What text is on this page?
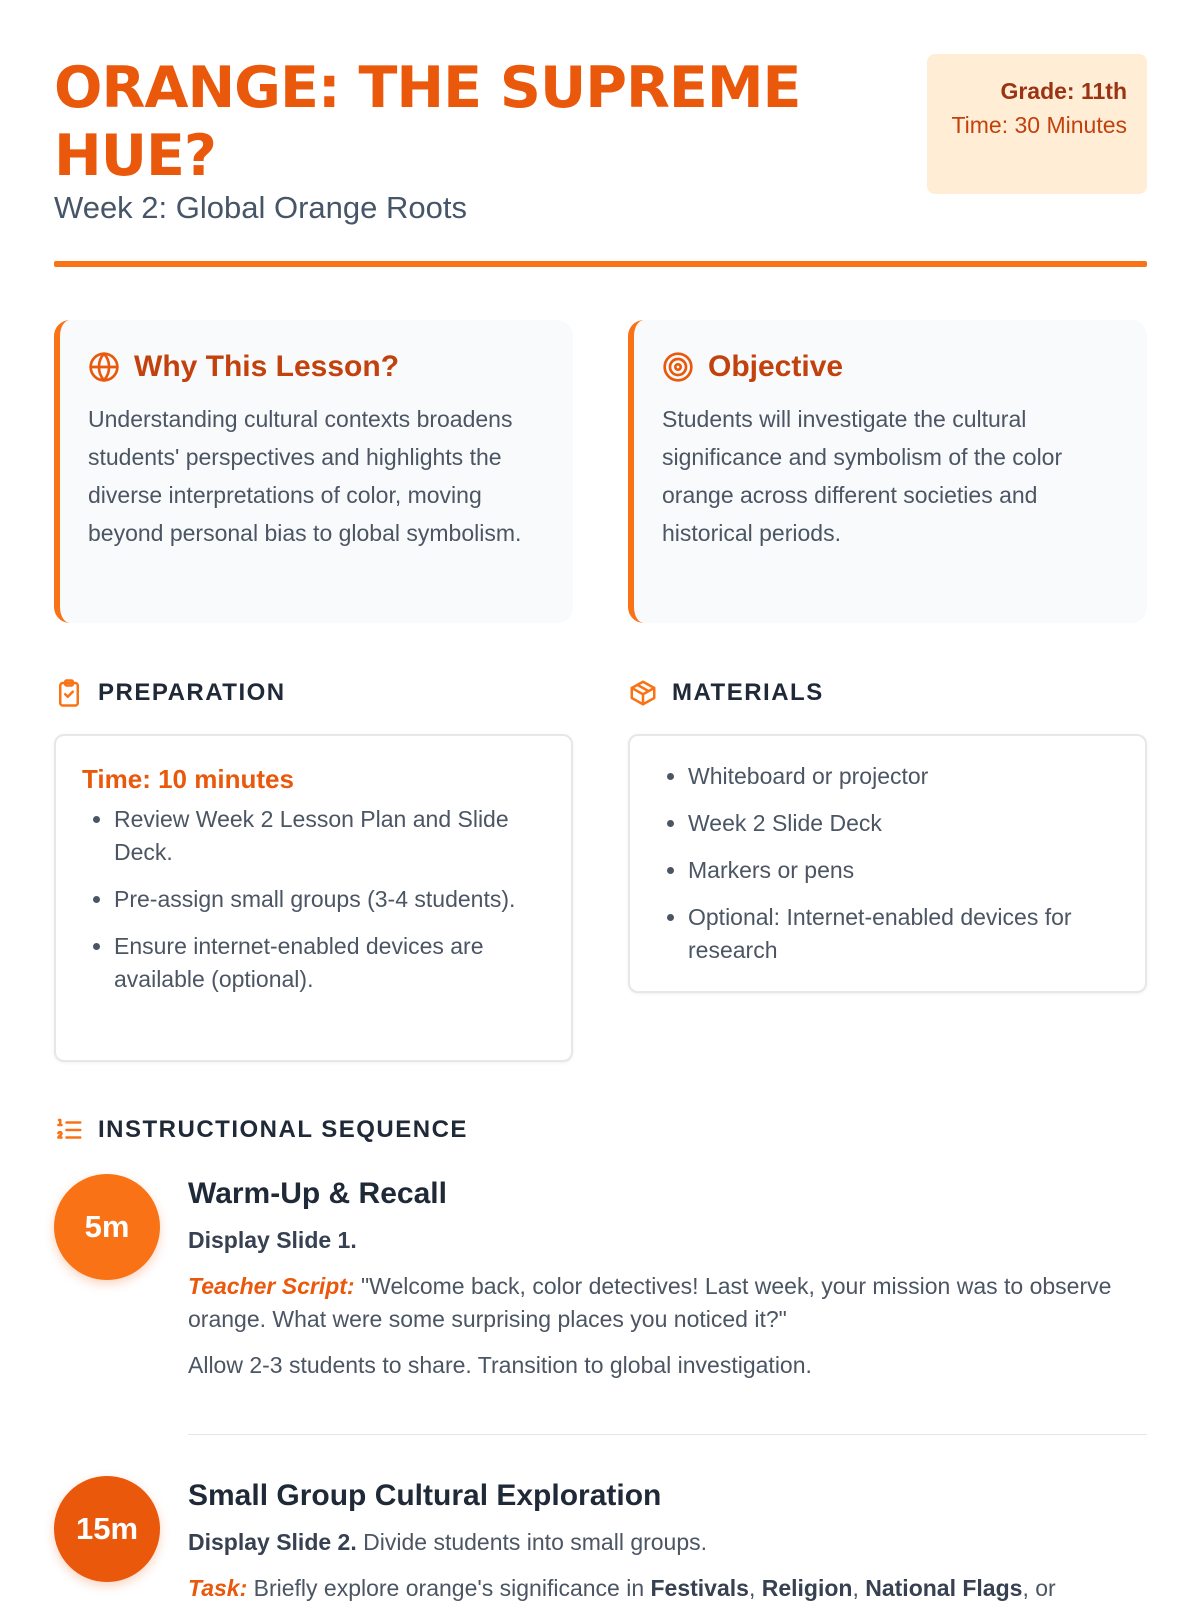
ORANGE: THE SUPREME HUE?

Week 2: Global Orange Roots

Grade: 11th
Time: 30 Minutes
Why This Lesson?

Understanding cultural contexts broadens students' perspectives and highlights the diverse interpretations of color, moving beyond personal bias to global symbolism.

Objective

Students will investigate the cultural significance and symbolism of the color orange across different societies and historical periods.

PREPARATION
Time: 10 minutes
• Review Week 2 Lesson Plan and Slide Deck.
• Pre-assign small groups (3-4 students).
• Ensure internet-enabled devices are available (optional).
MATERIALS
• Whiteboard or projector
• Week 2 Slide Deck
• Markers or pens
• Optional: Internet-enabled devices for research
INSTRUCTIONAL SEQUENCE
5m
Warm-Up & Recall

Display Slide 1.

Teacher Script: "Welcome back, color detectives! Last week, your mission was to observe orange. What were some surprising places you noticed it?"

Allow 2-3 students to share. Transition to global investigation.

15m
Small Group Cultural Exploration

Display Slide 2. Divide students into small groups.

Task: Briefly explore orange's significance in Festivals, Religion, National Flags, or
